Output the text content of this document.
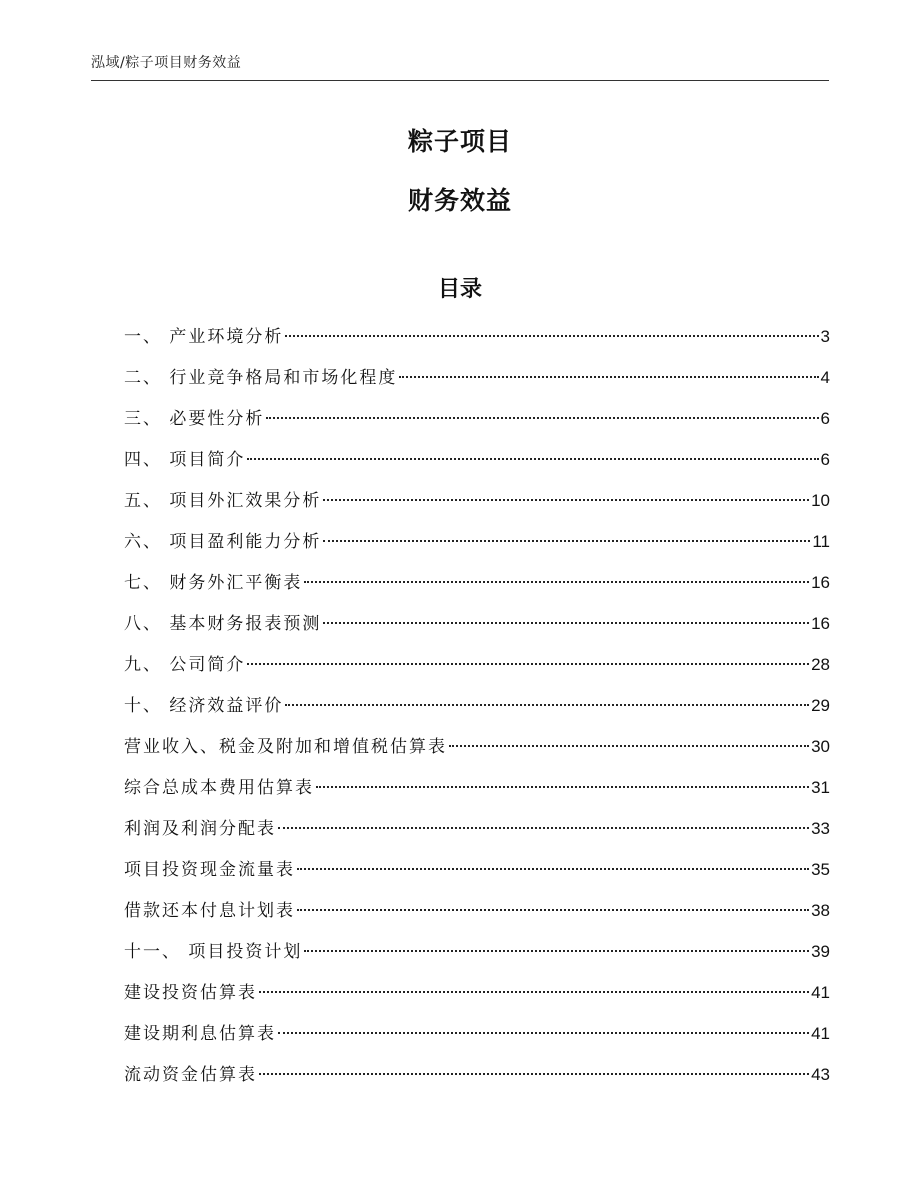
泓域/粽子项目财务效益
粽子项目
财务效益
目录
一、 产业环境分析	3
二、 行业竞争格局和市场化程度	4
三、 必要性分析	6
四、 项目简介	6
五、 项目外汇效果分析	10
六、 项目盈利能力分析	11
七、 财务外汇平衡表	16
八、 基本财务报表预测	16
九、 公司简介	28
十、 经济效益评价	29
营业收入、税金及附加和增值税估算表	30
综合总成本费用估算表	31
利润及利润分配表	33
项目投资现金流量表	35
借款还本付息计划表	38
十一、 项目投资计划	39
建设投资估算表	41
建设期利息估算表	41
流动资金估算表	43
